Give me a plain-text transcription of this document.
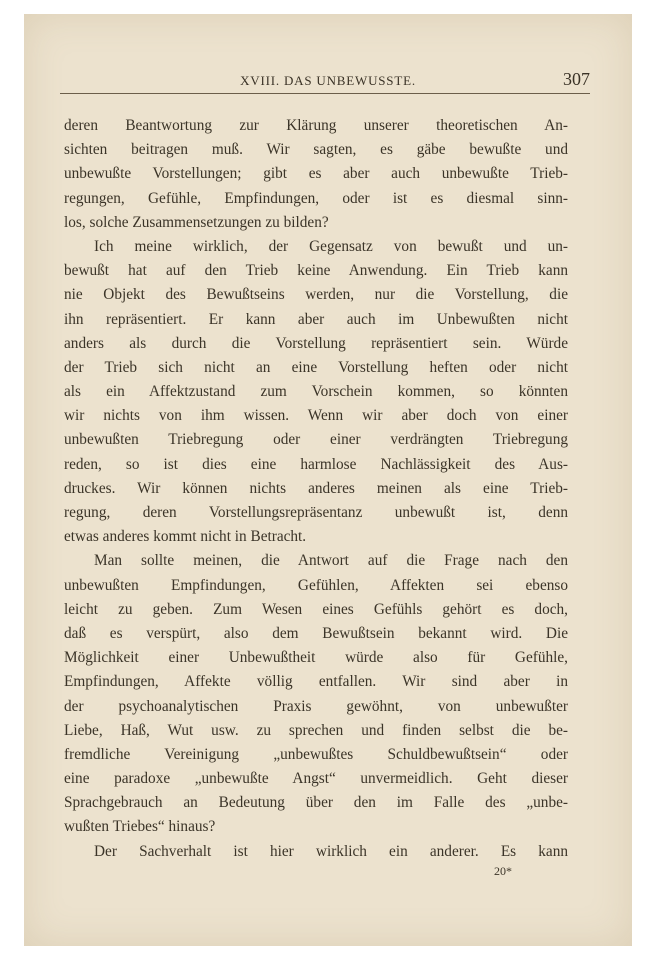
XVIII. DAS UNBEWUSSTE.	307

deren Beantwortung zur Klärung unserer theoretischen An-
sichten beitragen muß. Wir sagten, es gäbe bewußte und
unbewußte Vorstellungen; gibt es aber auch unbewußte Trieb-
regungen, Gefühle, Empfindungen, oder ist es diesmal sinn-
los, solche Zusammensetzungen zu bilden?

Ich meine wirklich, der Gegensatz von bewußt und un-
bewußt hat auf den Trieb keine Anwendung. Ein Trieb kann
nie Objekt des Bewußtseins werden, nur die Vorstellung, die
ihn repräsentiert. Er kann aber auch im Unbewußten nicht
anders als durch die Vorstellung repräsentiert sein. Würde
der Trieb sich nicht an eine Vorstellung heften oder nicht
als ein Affektzustand zum Vorschein kommen, so könnten
wir nichts von ihm wissen. Wenn wir aber doch von einer
unbewußten Triebregung oder einer verdrängten Triebregung
reden, so ist dies eine harmlose Nachlässigkeit des Aus-
druckes. Wir können nichts anderes meinen als eine Trieb-
regung, deren Vorstellungsrepräsentanz unbewußt ist, denn
etwas anderes kommt nicht in Betracht.

Man sollte meinen, die Antwort auf die Frage nach den
unbewußten Empfindungen, Gefühlen, Affekten sei ebenso
leicht zu geben. Zum Wesen eines Gefühls gehört es doch,
daß es verspürt, also dem Bewußtsein bekannt wird. Die
Möglichkeit einer Unbewußtheit würde also für Gefühle,
Empfindungen, Affekte völlig entfallen. Wir sind aber in
der psychoanalytischen Praxis gewöhnt, von unbewußter
Liebe, Haß, Wut usw. zu sprechen und finden selbst die be-
fremdliche Vereinigung „unbewußtes Schuldbewußtsein“ oder
eine paradoxe „unbewußte Angst“ unvermeidlich. Geht dieser
Sprachgebrauch an Bedeutung über den im Falle des „unbe-
wußten Triebes“ hinaus?

Der Sachverhalt ist hier wirklich ein anderer. Es kann

20*
